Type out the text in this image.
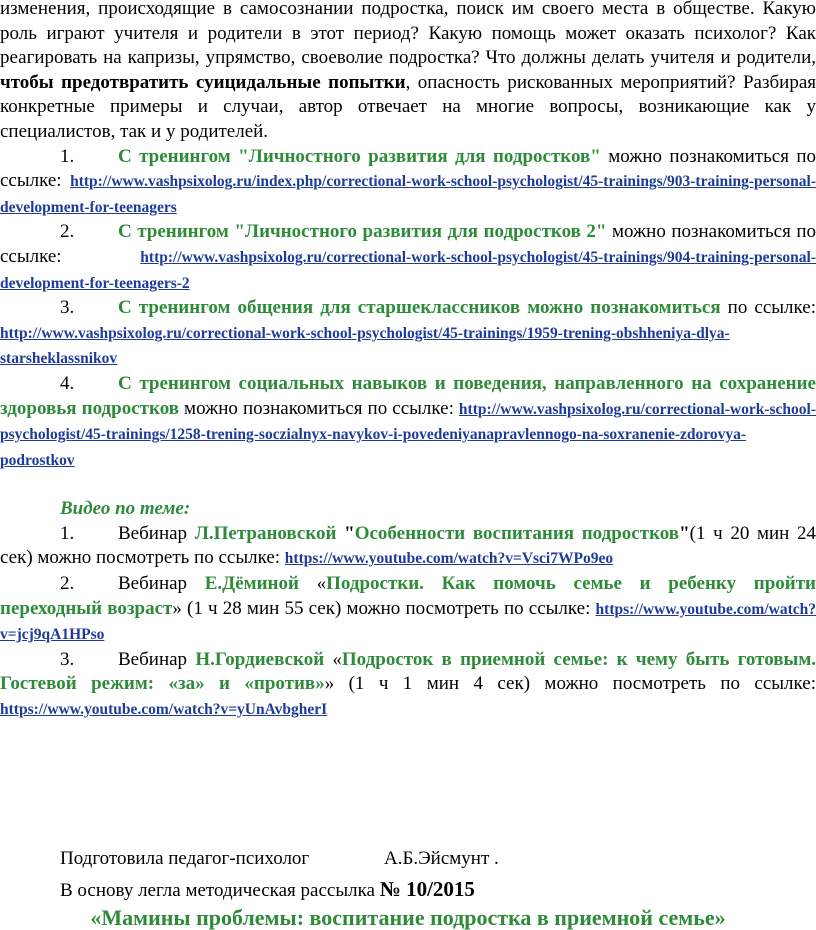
изменения, происходящие в самосознании подростка, поиск им своего места в обществе. Какую роль играют учителя и родители в этот период? Какую помощь может оказать психолог? Как реагировать на капризы, упрямство, своеволие подростка? Что должны делать учителя и родители, чтобы предотвратить суицидальные попытки, опасность рискованных мероприятий? Разбирая конкретные примеры и случаи, автор отвечает на многие вопросы, возникающие как у специалистов, так и у родителей.

1. С тренингом "Личностного развития для подростков" можно познакомиться по ссылке: http://www.vashpsixolog.ru/index.php/correctional-work-school-psychologist/45-trainings/903-training-personal-development-for-teenagers

2. С тренингом "Личностного развития для подростков 2" можно познакомиться по ссылке: http://www.vashpsixolog.ru/correctional-work-school-psychologist/45-trainings/904-training-personal-development-for-teenagers-2

3. С тренингом общения для старшеклассников можно познакомиться по ссылке: http://www.vashpsixolog.ru/correctional-work-school-psychologist/45-trainings/1959-trening-obshheniya-dlya-starsheklassnikov

4. С тренингом социальных навыков и поведения, направленного на сохранение здоровья подростков можно познакомиться по ссылке: http://www.vashpsixolog.ru/correctional-work-school-psychologist/45-trainings/1258-trening-soczialnyx-navykov-i-povedeniyanapravlennogo-na-soxranenie-zdorovya-podrostkov

Видео по теме:

1. Вебинар Л.Петрановской "Особенности воспитания подростков"(1 ч 20 мин 24 сек) можно посмотреть по ссылке: https://www.youtube.com/watch?v=Vsci7WPo9eo

2. Вебинар Е.Дёминой «Подростки. Как помочь семье и ребенку пройти переходный возраст» (1 ч 28 мин 55 сек) можно посмотреть по ссылке: https://www.youtube.com/watch?v=jcj9qA1HPso

3. Вебинар Н.Гордиевской «Подросток в приемной семье: к чему быть готовым. Гостевой режим: «за» и «против»» (1 ч 1 мин 4 сек) можно посмотреть по ссылке: https://www.youtube.com/watch?v=yUnAvbgherI

Подготовила педагог-психолог	А.Б.Эйсмунт .

В основу легла методическая рассылка № 10/2015

«Мамины проблемы: воспитание подростка в приемной семье»
